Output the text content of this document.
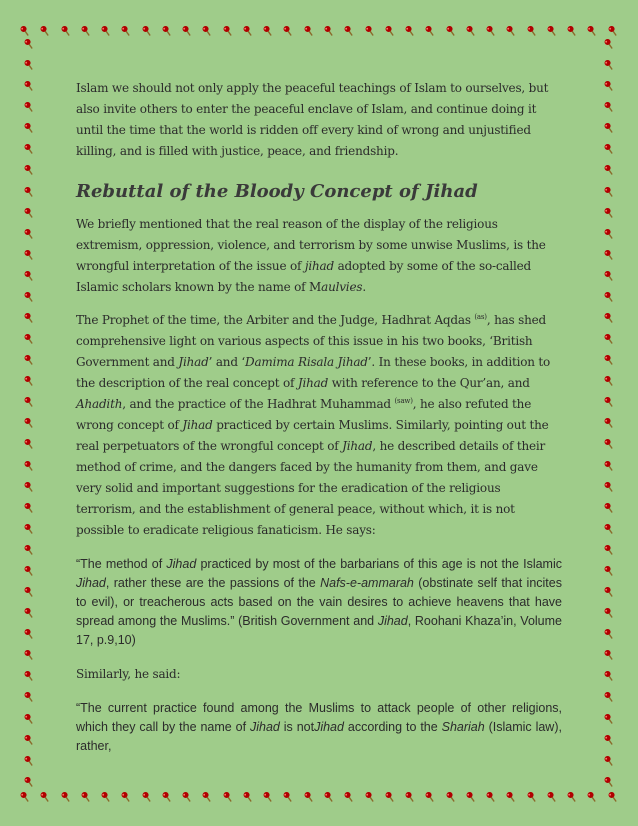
Islam we should not only apply the peaceful teachings of Islam to ourselves, but also invite others to enter the peaceful enclave of Islam, and continue doing it until the time that the world is ridden off every kind of wrong and unjustified killing, and is filled with justice, peace, and friendship.

Rebuttal of the Bloody Concept of Jihad

We briefly mentioned that the real reason of the display of the religious extremism, oppression, violence, and terrorism by some unwise Muslims, is the wrongful interpretation of the issue of jihad adopted by some of the so-called Islamic scholars known by the name of Maulvies.

The Prophet of the time, the Arbiter and the Judge, Hadhrat Aqdas $^{(as)}$, has shed comprehensive light on various aspects of this issue in his two books, ‘British Government and Jihad’ and ‘Damima Risala Jihad’. In these books, in addition to the description of the real concept of Jihad with reference to the Qur’an, and Ahadith, and the practice of the Hadhrat Muhammad $^{(saw)}$, he also refuted the wrong concept of Jihad practiced by certain Muslims. Similarly, pointing out the real perpetuators of the wrongful concept of Jihad, he described details of their method of crime, and the dangers faced by the humanity from them, and gave very solid and important suggestions for the eradication of the religious terrorism, and the establishment of general peace, without which, it is not possible to eradicate religious fanaticism. He says:

“The method of Jihad practiced by most of the barbarians of this age is not the Islamic Jihad, rather these are the passions of the Nafs-e-ammarah (obstinate self that incites to evil), or treacherous acts based on the vain desires to achieve heavens that have spread among the Muslims.” (British Government and Jihad, Roohani Khaza’in, Volume 17, p.9,10)

Similarly, he said:

“The current practice found among the Muslims to attack people of other religions, which they call by the name of Jihad is notJihad according to the Shariah (Islamic law), rather,
